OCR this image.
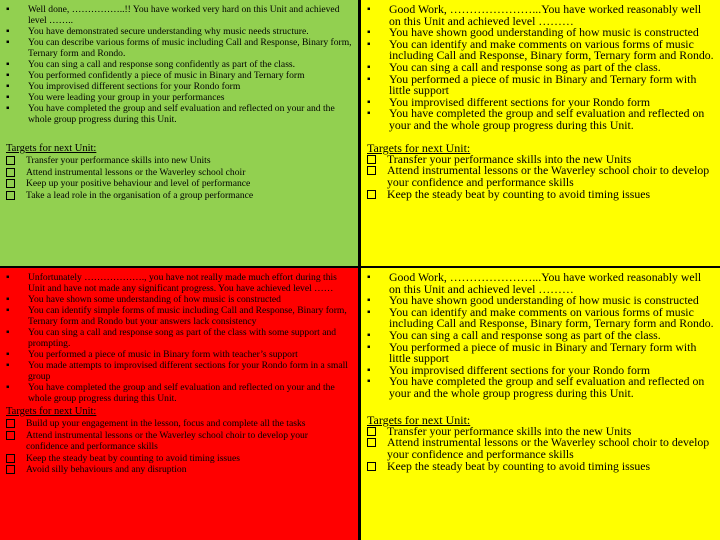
▪ Well done, ……………..!! You have worked very hard on this Unit and achieved level ……..
▪ You have demonstrated secure understanding why music needs structure.
▪ You can describe various forms of music including Call and Response, Binary form, Ternary form and Rondo.
▪ You can sing a call and response song confidently as part of the class.
▪ You performed confidently a piece of music in Binary and Ternary form
▪ You improvised different sections for your Rondo form
▪ You were leading your group in your performances
▪ You have completed the group and self evaluation and reflected on your and the whole group progress during this Unit.
Targets for next Unit:
Transfer your performance skills into new Units
Attend instrumental lessons or the Waverley school choir
Keep up your positive behaviour and level of performance
Take a lead role in the organisation of a group performance
▪ Good Work, …………………...You have worked reasonably well on this Unit and achieved level ………
▪ You have shown good understanding of how music is constructed
▪ You can identify and make comments on various forms of music including Call and Response, Binary form, Ternary form and Rondo.
▪ You can sing a call and response song as part of the class.
▪ You performed a piece of music in Binary and Ternary form with little support
▪ You improvised different sections for your Rondo form
▪ You have completed the group and self evaluation and reflected on your and the whole group progress during this Unit.
Targets for next Unit:
Transfer your performance skills into the new Units
Attend instrumental lessons or the Waverley school choir to develop your confidence and performance skills
Keep the steady beat by counting to avoid timing issues
▪ Unfortunately ………………., you have not really made much effort during this Unit and have not made any significant progress. You have achieved level ……
▪ You have shown some understanding of how music is constructed
▪ You can identify simple forms of music including Call and Response, Binary form, Ternary form and Rondo but your answers lack consistency
▪ You can sing a call and response song as part of the class with some support and prompting.
▪ You performed a piece of music in Binary form with teacher’s support
▪ You made attempts to improvised different sections for your Rondo form in a small group
▪ You have completed the group and self evaluation and reflected on your and the whole group progress during this Unit.
Targets for next Unit:
Build up your engagement in the lesson, focus and complete all the tasks
Attend instrumental lessons or the Waverley school choir to develop your confidence and performance skills
Keep the steady beat by counting to avoid timing issues
Avoid silly behaviours and any disruption
▪ Good Work, …………………...You have worked reasonably well on this Unit and achieved level ………
▪ You have shown good understanding of how music is constructed
▪ You can identify and make comments on various forms of music including Call and Response, Binary form, Ternary form and Rondo.
▪ You can sing a call and response song as part of the class.
▪ You performed a piece of music in Binary and Ternary form with little support
▪ You improvised different sections for your Rondo form
▪ You have completed the group and self evaluation and reflected on your and the whole group progress during this Unit.
Targets for next Unit:
Transfer your performance skills into the new Units
Attend instrumental lessons or the Waverley school choir to develop your confidence and performance skills
Keep the steady beat by counting to avoid timing issues
